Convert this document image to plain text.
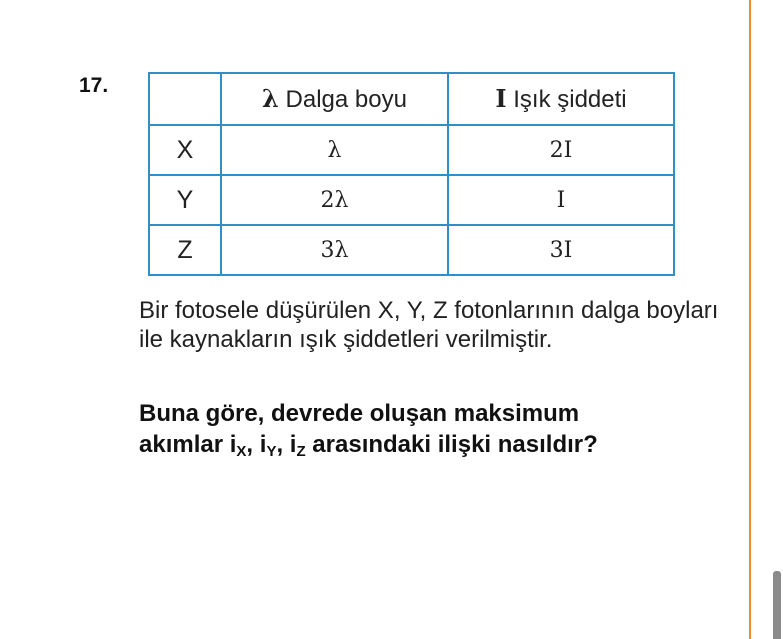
17.
		λ Dalga boyu	I Işık şiddeti
X	λ	2I
Y	2λ	I
Z	3λ	3I
Bir fotosele düşürülen X, Y, Z fotonlarının dalga boyları ile kaynakların ışık şiddetleri verilmiştir.
Buna göre, devrede oluşan maksimum
akımlar $i_X$, $i_Y$, $i_Z$ arasındaki ilişki nasıldır?
